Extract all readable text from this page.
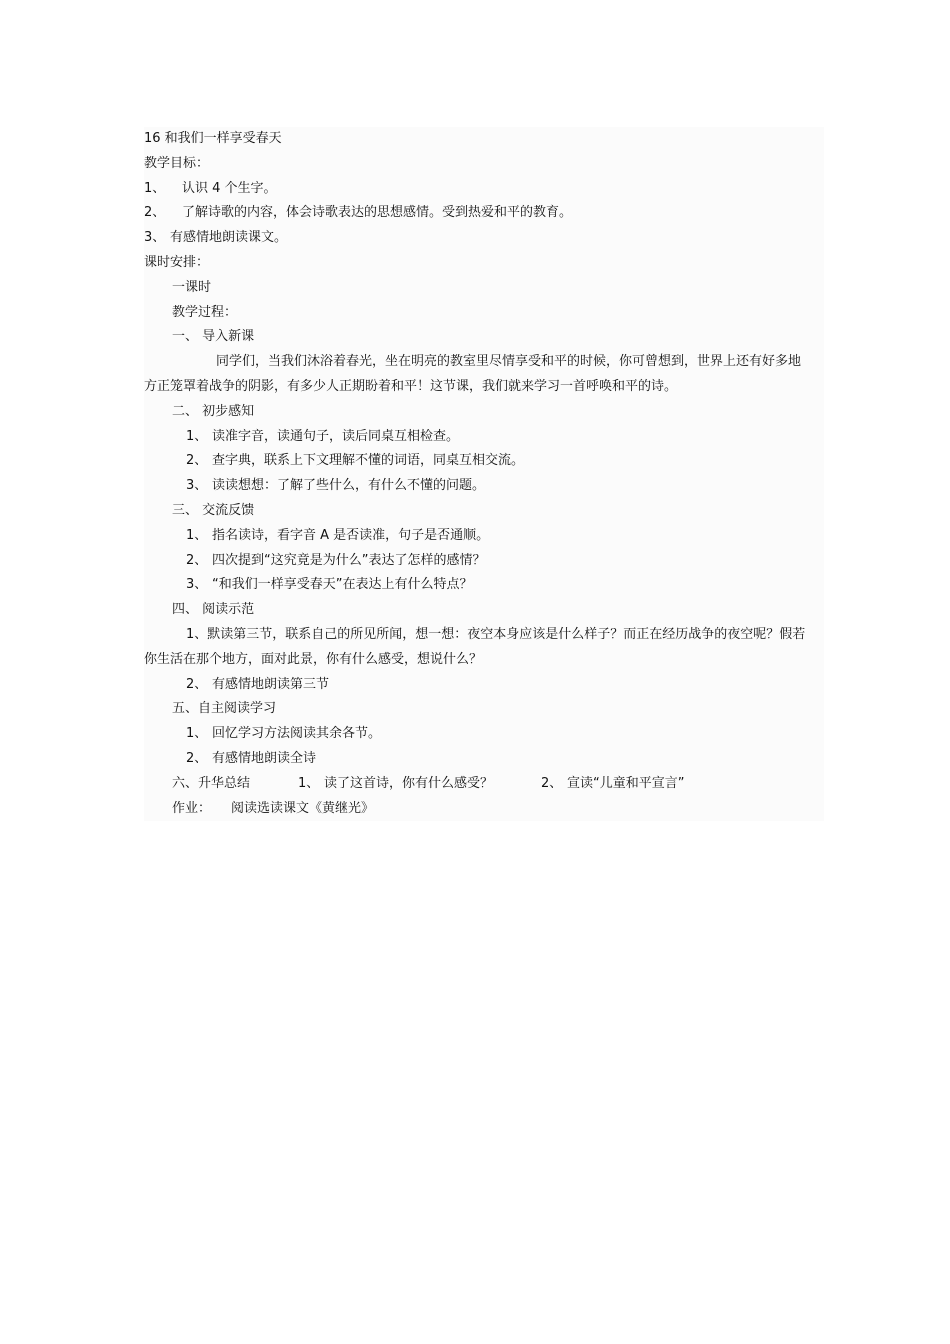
16 和我们一样享受春天
教学目标：
1、 认识 4 个生字。
2、 了解诗歌的内容，体会诗歌表达的思想感情。受到热爱和平的教育。
3、 有感情地朗读课文。
课时安排：
一课时
教学过程：
一、 导入新课
同学们，当我们沐浴着春光，坐在明亮的教室里尽情享受和平的时候，你可曾想到，世界上还有好多地方正笼罩着战争的阴影，有多少人正期盼着和平！这节课，我们就来学习一首呼唤和平的诗。
二、 初步感知
1、 读准字音，读通句子，读后同桌互相检查。
2、 查字典，联系上下文理解不懂的词语，同桌互相交流。
3、 读读想想：了解了些什么，有什么不懂的问题。
三、 交流反馈
1、 指名读诗，看字音 A 是否读准，句子是否通顺。
2、 四次提到“这究竟是为什么”表达了怎样的感情？
3、 “和我们一样享受春天”在表达上有什么特点？
四、 阅读示范
1、默读第三节，联系自己的所见所闻，想一想：夜空本身应该是什么样子？而正在经历战争的夜空呢？假若你生活在那个地方，面对此景，你有什么感受，想说什么？
2、 有感情地朗读第三节
五、自主阅读学习
1、 回忆学习方法阅读其余各节。
2、 有感情地朗读全诗
六、升华总结	1、 读了这首诗，你有什么感受？	2、 宣读“儿童和平宣言”
作业： 阅读选读课文《黄继光》
